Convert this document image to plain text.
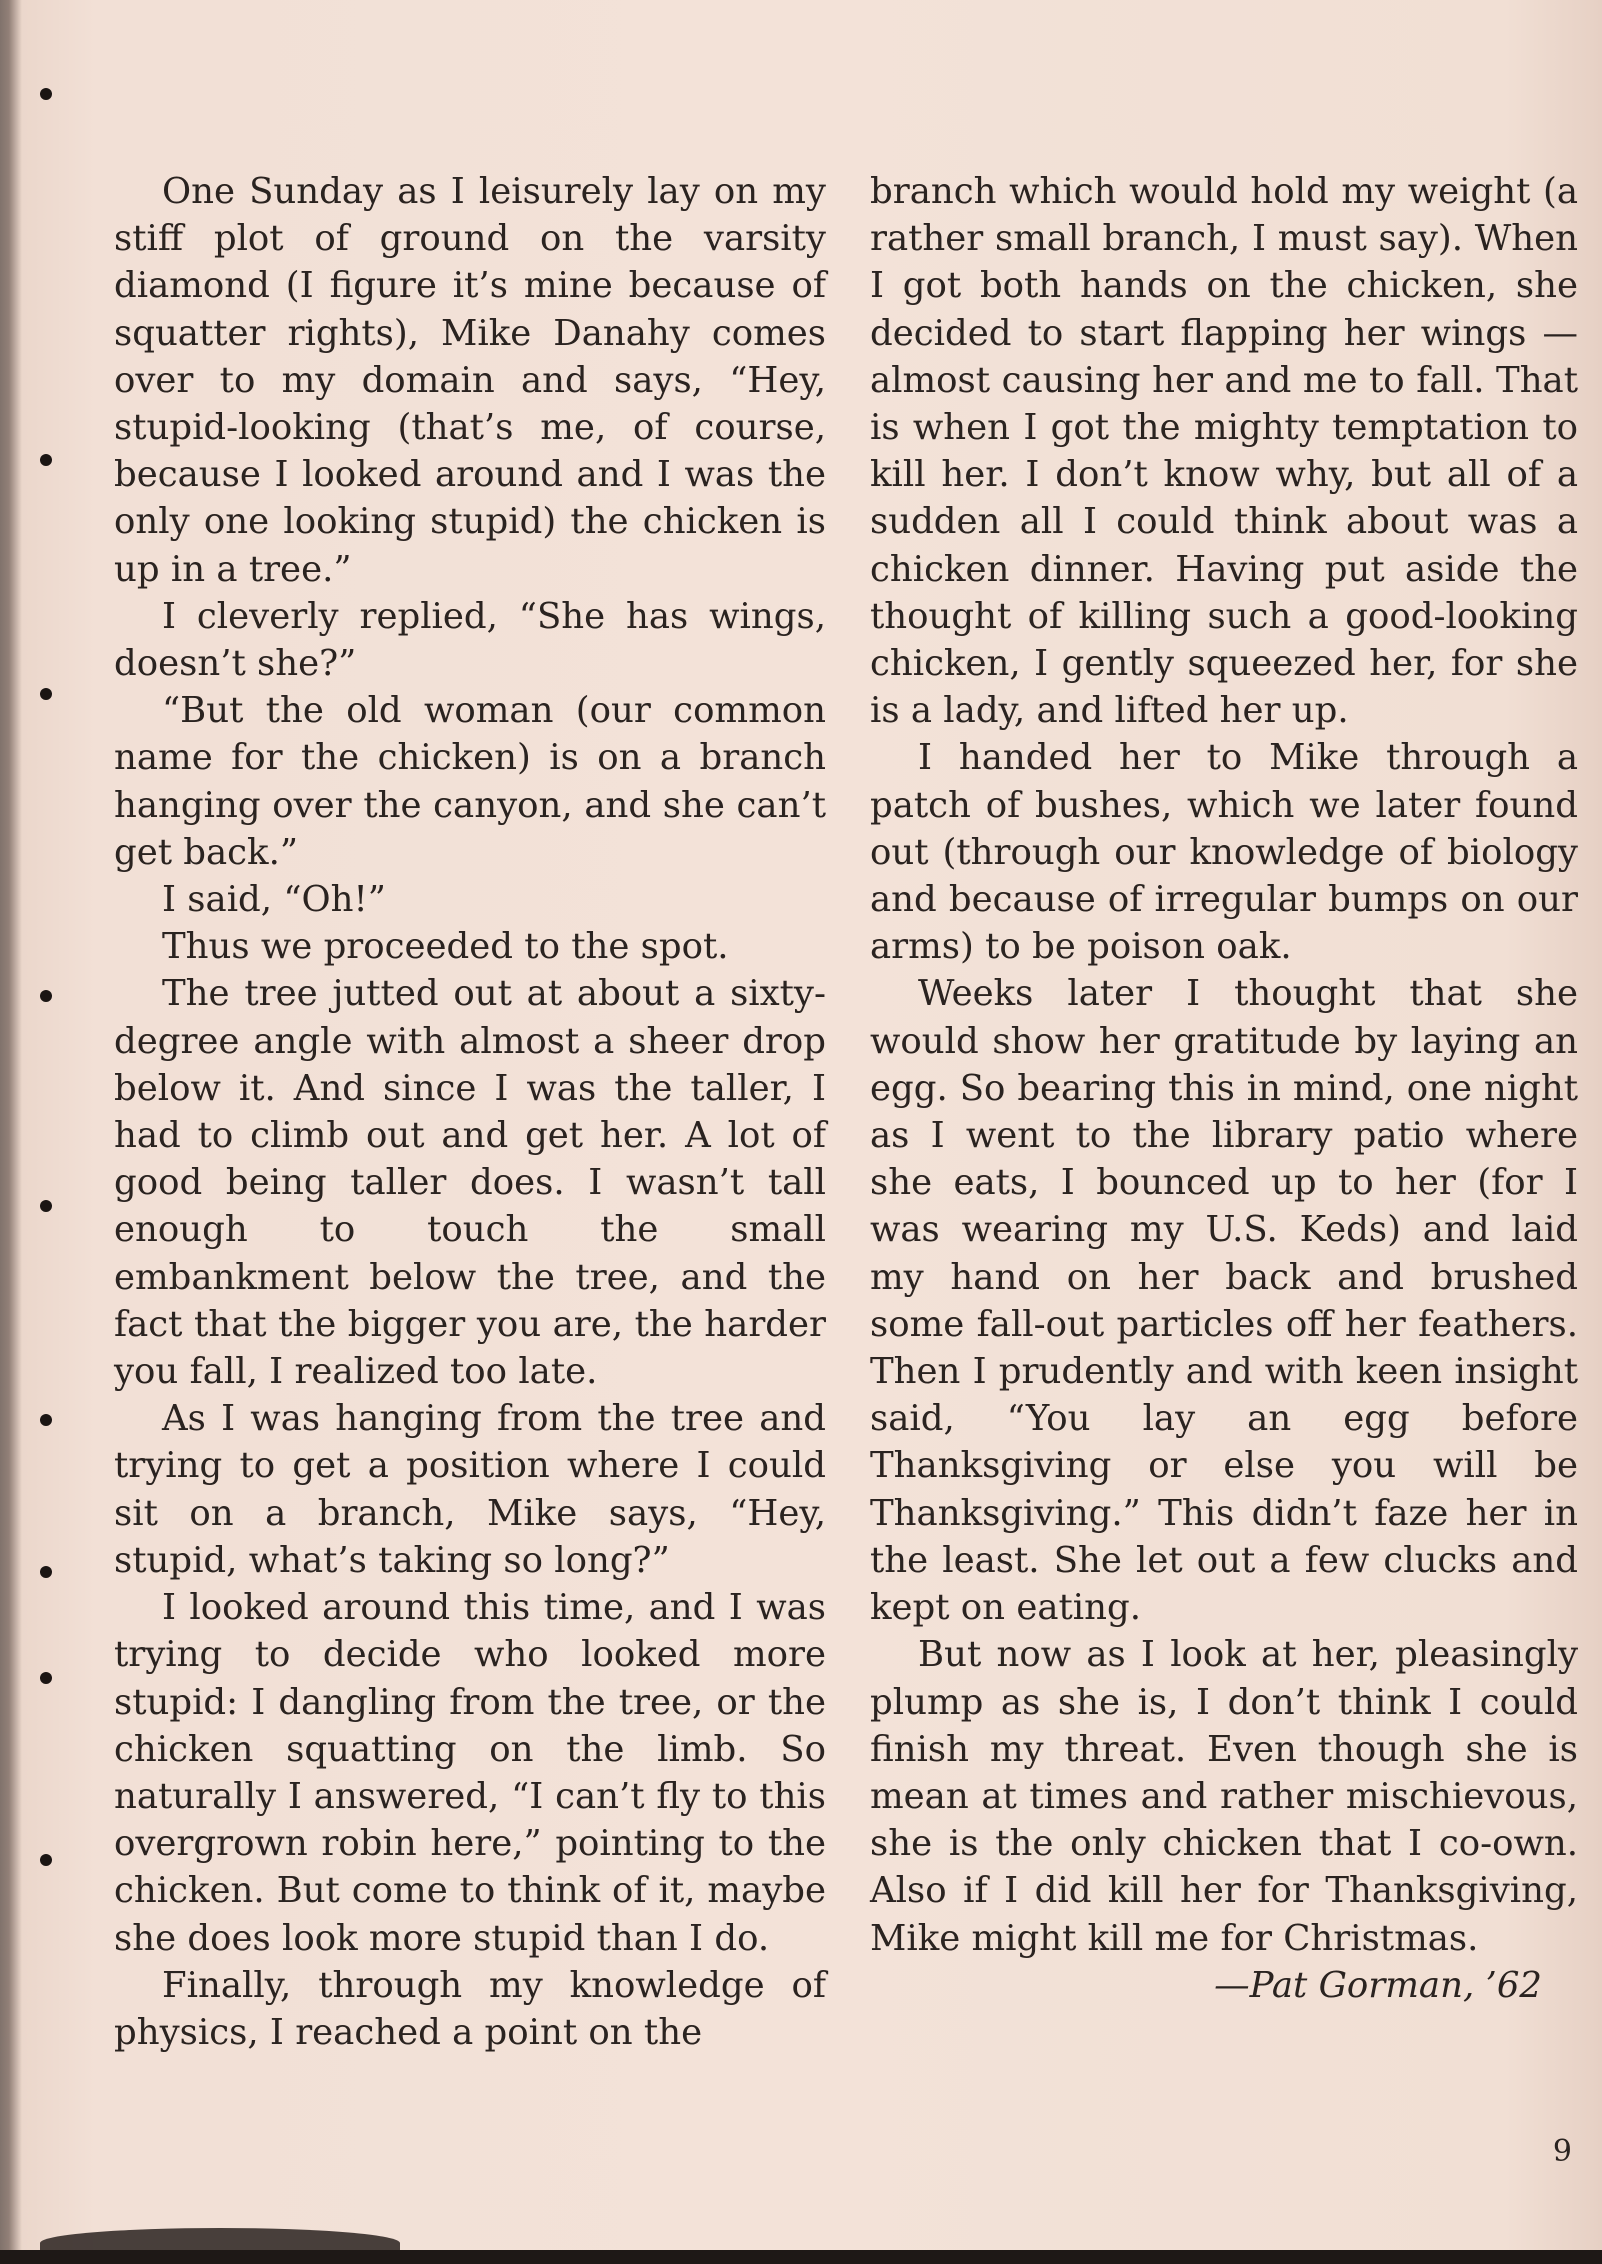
One Sunday as I leisurely lay on my stiff plot of ground on the varsity diamond (I figure it’s mine because of squatter rights), Mike Danahy comes over to my domain and says, “Hey, stupid-looking (that’s me, of course, because I looked around and I was the only one looking stupid) the chicken is up in a tree.”

I cleverly replied, “She has wings, doesn’t she?”

“But the old woman (our common name for the chicken) is on a branch hanging over the canyon, and she can’t get back.”

I said, “Oh!”

Thus we proceeded to the spot.

The tree jutted out at about a sixty-degree angle with almost a sheer drop below it. And since I was the taller, I had to climb out and get her. A lot of good being taller does. I wasn’t tall enough to touch the small embankment below the tree, and the fact that the bigger you are, the harder you fall, I realized too late.

As I was hanging from the tree and trying to get a position where I could sit on a branch, Mike says, “Hey, stupid, what’s taking so long?”

I looked around this time, and I was trying to decide who looked more stupid: I dangling from the tree, or the chicken squatting on the limb. So naturally I answered, “I can’t fly to this overgrown robin here,” pointing to the chicken. But come to think of it, maybe she does look more stupid than I do.

Finally, through my knowledge of physics, I reached a point on the

branch which would hold my weight (a rather small branch, I must say). When I got both hands on the chicken, she decided to start flapping her wings — almost causing her and me to fall. That is when I got the mighty temptation to kill her. I don’t know why, but all of a sudden all I could think about was a chicken dinner. Having put aside the thought of killing such a good-looking chicken, I gently squeezed her, for she is a lady, and lifted her up.

I handed her to Mike through a patch of bushes, which we later found out (through our knowledge of biology and because of irregular bumps on our arms) to be poison oak.

Weeks later I thought that she would show her gratitude by laying an egg. So bearing this in mind, one night as I went to the library patio where she eats, I bounced up to her (for I was wearing my U.S. Keds) and laid my hand on her back and brushed some fall-out particles off her feathers. Then I prudently and with keen insight said, “You lay an egg before Thanksgiving or else you will be Thanksgiving.” This didn’t faze her in the least. She let out a few clucks and kept on eating.

But now as I look at her, pleasingly plump as she is, I don’t think I could finish my threat. Even though she is mean at times and rather mischievous, she is the only chicken that I co-own. Also if I did kill her for Thanksgiving, Mike might kill me for Christmas.

—Pat Gorman, ’62

9
